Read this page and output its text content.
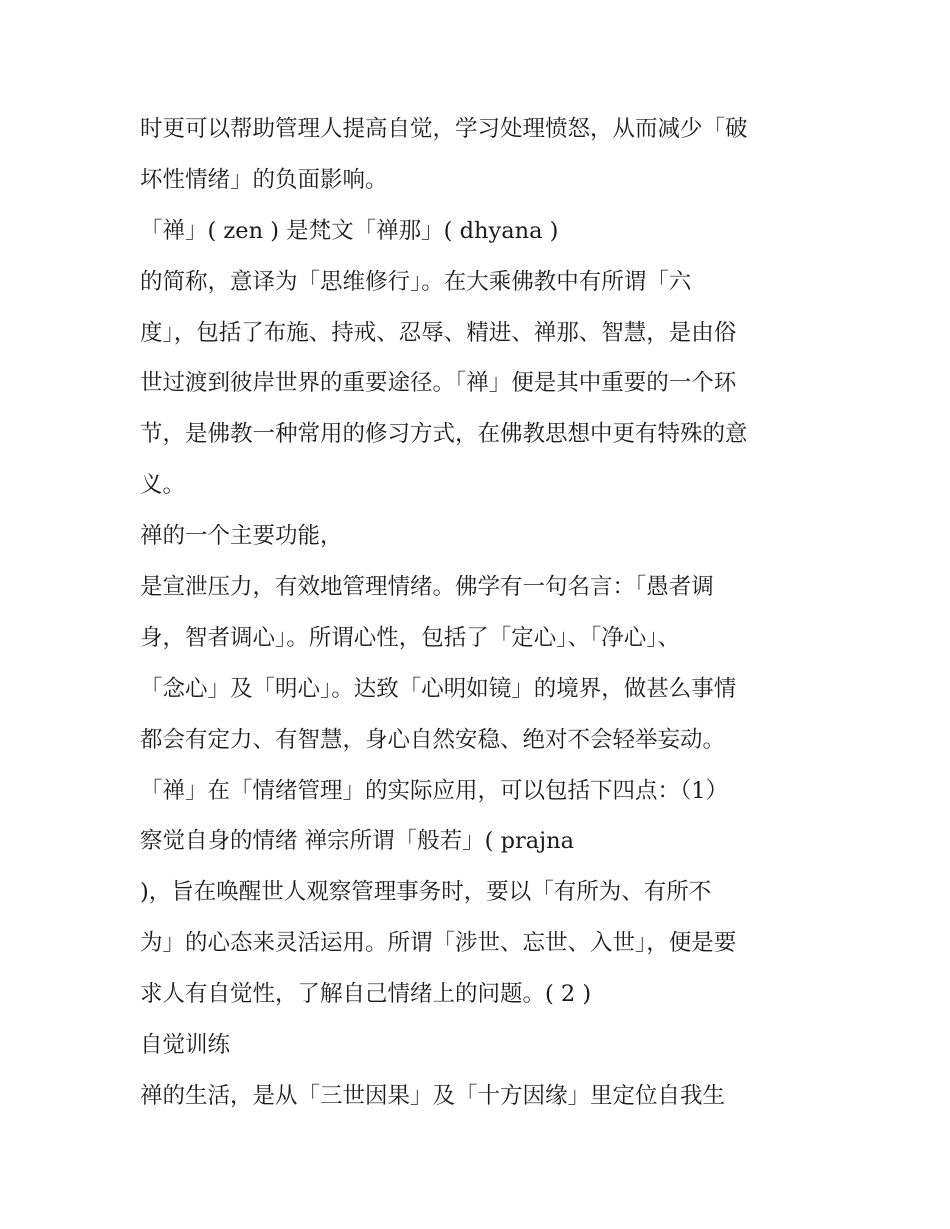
时更可以帮助管理人提高自觉，学习处理愤怒，从而减少「破
坏性情绪」的负面影响。
「禅」( zen ) 是梵文「禅那」( dhyana )
的简称，意译为「思维修行」。在大乘佛教中有所谓「六
度」，包括了布施、持戒、忍辱、精进、禅那、智慧，是由俗
世过渡到彼岸世界的重要途径。「禅」便是其中重要的一个环
节，是佛教一种常用的修习方式，在佛教思想中更有特殊的意
义。
禅的一个主要功能，
是宣泄压力，有效地管理情绪。佛学有一句名言：「愚者调
身，智者调心」。所谓心性，包括了「定心」、「净心」、
「念心」及「明心」。达致「心明如镜」的境界，做甚么事情
都会有定力、有智慧，身心自然安稳、绝对不会轻举妄动。
「禅」在「情绪管理」的实际应用，可以包括下四点：（1）
察觉自身的情绪 禅宗所谓「般若」( prajna
)，旨在唤醒世人观察管理事务时，要以「有所为、有所不
为」的心态来灵活运用。所谓「涉世、忘世、入世」，便是要
求人有自觉性，了解自己情绪上的问题。( 2 )
自觉训练
禅的生活，是从「三世因果」及「十方因缘」里定位自我生
